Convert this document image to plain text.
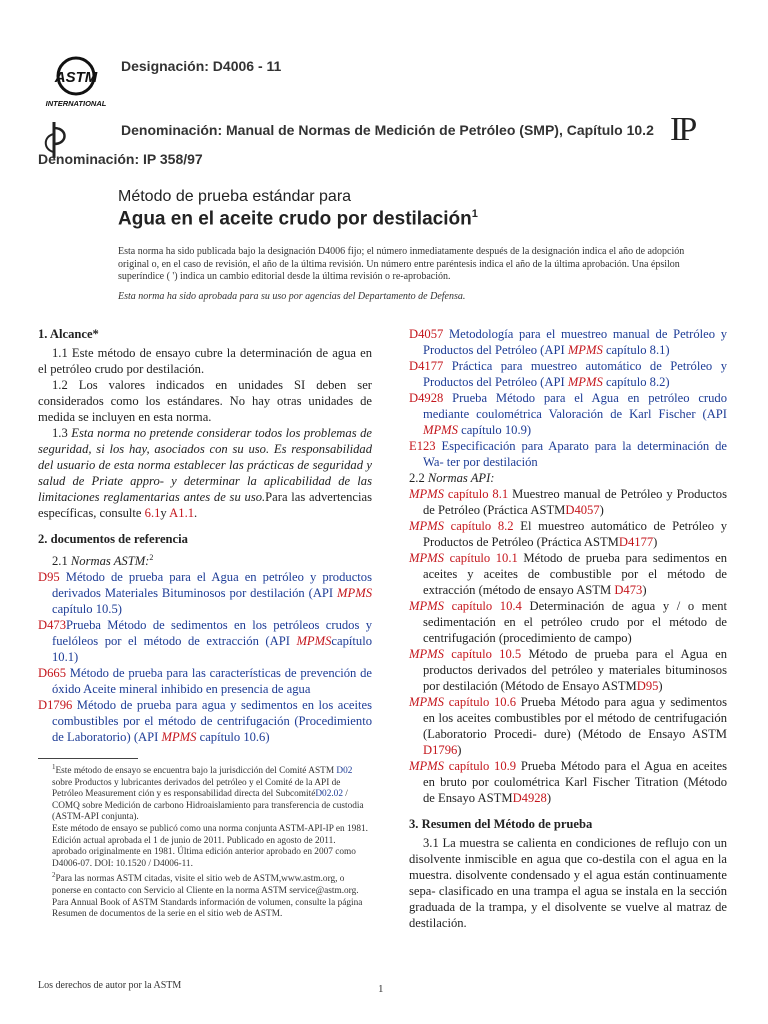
ASTM
INTERNATIONAL
Designación: D4006 - 11
Denominación: Manual de Normas de Medición de Petróleo (SMP), Capítulo 10.2 IP
Denominación: IP 358/97
Método de prueba estándar para
Agua en el aceite crudo por destilación$^1$
Esta norma ha sido publicada bajo la designación D4006 fijo; el número inmediatamente después de la designación indica el año de adopción original o, en el caso de revisión, el año de la última revisión. Un número entre paréntesis indica el año de la última aprobación. Una épsilon superíndice ( ') indica un cambio editorial desde la última revisión o re-aprobación.
Esta norma ha sido aprobada para su uso por agencias del Departamento de Defensa.
1. Alcance*

1.1 Este método de ensayo cubre la determinación de agua en el petróleo crudo por destilación.

1.2 Los valores indicados en unidades SI deben ser considerados como los estándares. No hay otras unidades de medida se incluyen en esta norma.

1.3 Esta norma no pretende considerar todos los problemas de seguridad, si los hay, asociados con su uso. Es responsabilidad del usuario de esta norma establecer las prácticas de seguridad y salud de Priate appro- y determinar la aplicabilidad de las limitaciones reglamentarias antes de su uso.Para las advertencias específicas, consulte 6.1y A1.1.

2. documentos de referencia
2.1 Normas ASTM:$^2$

D95 Método de prueba para el Agua en petróleo y productos derivados Materiales Bituminosos por destilación (API MPMS capítulo 10.5)

D473Prueba Método de sedimentos en los petróleos crudos y fuelóleos por el método de extracción (API MPMScapítulo 10.1)

D665 Método de prueba para las características de prevención de óxido Aceite mineral inhibido en presencia de agua

D1796 Método de prueba para agua y sedimentos en los aceites combustibles por el método de centrifugación (Procedimiento de Laboratorio) (API MPMS capítulo 10.6)

$^1$Este método de ensayo se encuentra bajo la jurisdicción del Comité ASTM D02 sobre Productos y lubricantes derivados del petróleo y el Comité de la API de Petróleo Measurement ción y es responsabilidad directa del SubcomitéD02.02 / COMQ sobre Medición de carbono Hidroaislamiento para transferencia de custodia (ASTM-API conjunta).

Este método de ensayo se publicó como una norma conjunta ASTM-API-IP en 1981.

Edición actual aprobada el 1 de junio de 2011. Publicado en agosto de 2011. aprobado originalmente en 1981. Última edición anterior aprobado en 2007 como D4006-07. DOI: 10.1520 / D4006-11.

$^2$Para las normas ASTM citadas, visite el sitio web de ASTM,www.astm.org, o ponerse en contacto con Servicio al Cliente en la norma ASTM service@astm.org. Para Annual Book of ASTM Standards información de volumen, consulte la página Resumen de documentos de la serie en el sitio web de ASTM.

D4057 Metodología para el muestreo manual de Petróleo y Productos del Petróleo (API MPMS capítulo 8.1)

D4177 Práctica para muestreo automático de Petróleo y Productos del Petróleo (API MPMS capítulo 8.2)

D4928 Prueba Método para el Agua en petróleo crudo mediante coulométrica Valoración de Karl Fischer (API MPMS capítulo 10.9)

E123 Especificación para Aparato para la determinación de Wa- ter por destilación

2.2 Normas API:

MPMS capítulo 8.1 Muestreo manual de Petróleo y Productos de Petróleo (Práctica ASTMD4057)

MPMS capítulo 8.2 El muestreo automático de Petróleo y Productos de Petróleo (Práctica ASTMD4177)

MPMS capítulo 10.1 Método de prueba para sedimentos en aceites y aceites de combustible por el método de extracción (método de ensayo ASTM D473)

MPMS capítulo 10.4 Determinación de agua y / o ment sedimentación en el petróleo crudo por el método de centrifugación (procedimiento de campo)

MPMS capítulo 10.5 Método de prueba para el Agua en productos derivados del petróleo y materiales bituminosos por destilación (Método de Ensayo ASTMD95)

MPMS capítulo 10.6 Prueba Método para agua y sedimentos en los aceites combustibles por el método de centrifugación (Laboratorio Procedi- dure) (Método de Ensayo ASTM D1796)

MPMS capítulo 10.9 Prueba Método para el Agua en aceites en bruto por coulométrica Karl Fischer Titration (Método de Ensayo ASTMD4928)

3. Resumen del Método de prueba

3.1 La muestra se calienta en condiciones de reflujo con un disolvente inmiscible en agua que co-destila con el agua en la muestra. disolvente condensado y el agua están continuamente sepa- clasificado en una trampa el agua se instala en la sección graduada de la trampa, y el disolvente se vuelve al matraz de destilación.

Los derechos de autor por la ASTM	1
